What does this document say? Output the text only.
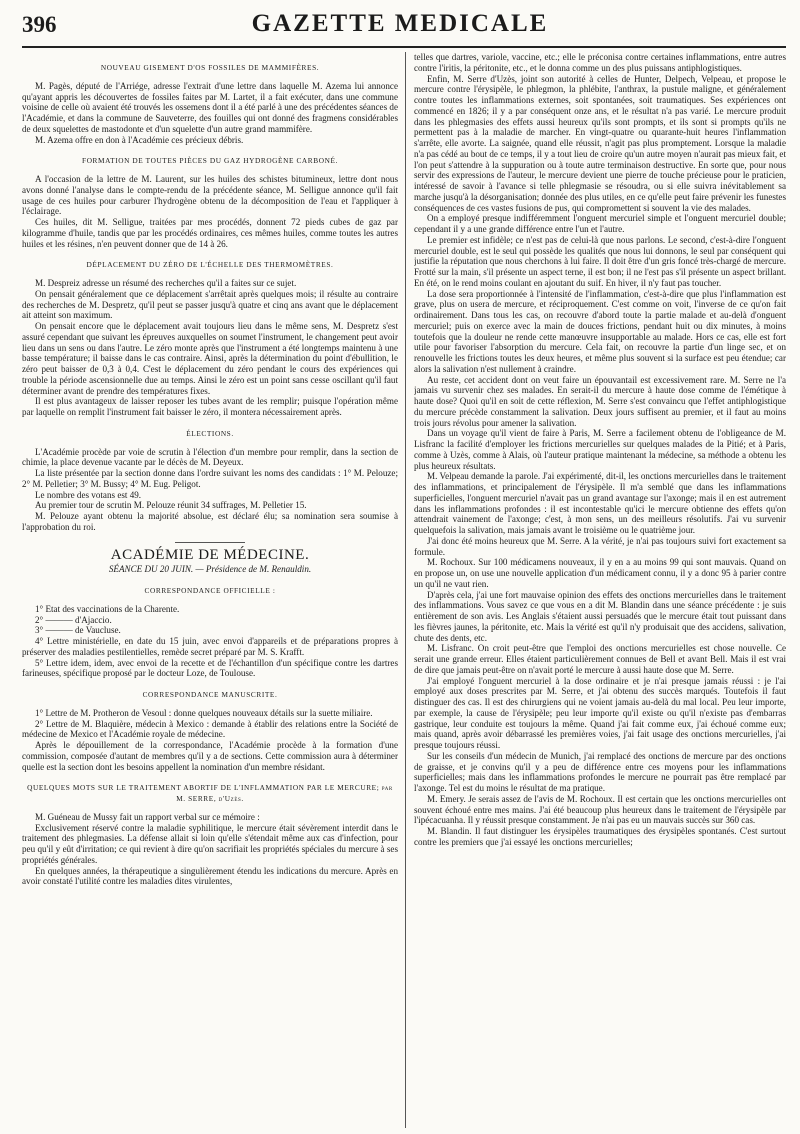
396	GAZETTE MEDICALE

NOUVEAU GISEMENT D'OS FOSSILES DE MAMMIFÈRES.

M. Pagès, député de l'Arriége, adresse l'extrait d'une lettre dans laquelle M. Azema lui annonce qu'ayant appris les découvertes de fossiles faites par M. Lartet, il a fait exécuter, dans une commune voisine de celle où avaient été trouvés les ossemens dont il a été parlé à une des précédentes séances de l'Académie, et dans la commune de Sauveterre, des fouilles qui ont donné des fragmens considérables de deux squelettes de mastodonte et d'un squelette d'un autre grand mammifère.

M. Azema offre en don à l'Académie ces précieux débris.

FORMATION DE TOUTES PIÈCES DU GAZ HYDROGÈNE CARBONÉ.

A l'occasion de la lettre de M. Laurent, sur les huiles des schistes bitumineux, lettre dont nous avons donné l'analyse dans le compte-rendu de la précédente séance, M. Selligue annonce qu'il fait usage de ces huiles pour carburer l'hydrogène obtenu de la décomposition de l'eau et l'appliquer à l'éclairage.

Ces huiles, dit M. Selligue, traitées par mes procédés, donnent 72 pieds cubes de gaz par kilogramme d'huile, tandis que par les procédés ordinaires, ces mêmes huiles, comme toutes les autres huiles et les résines, n'en peuvent donner que de 14 à 26.

DÉPLACEMENT DU ZÉRO DE L'ÉCHELLE DES THERMOMÈTRES.

M. Despreiz adresse un résumé des recherches qu'il a faites sur ce sujet.

On pensait généralement que ce déplacement s'arrêtait après quelques mois; il résulte au contraire des recherches de M. Despretz, qu'il peut se passer jusqu'à quatre et cinq ans avant que le déplacement ait atteint son maximum.

On pensait encore que le déplacement avait toujours lieu dans le même sens, M. Despretz s'est assuré cependant que suivant les épreuves auxquelles on soumet l'instrument, le changement peut avoir lieu dans un sens ou dans l'autre. Le zéro monte après que l'instrument a été longtemps maintenu à une basse température; il baisse dans le cas contraire. Ainsi, après la détermination du point d'ébullition, le zéro peut baisser de 0,3 à 0,4. C'est le déplacement du zéro pendant le cours des expériences qui trouble la période ascensionnelle due au temps. Ainsi le zéro est un point sans cesse oscillant qu'il faut déterminer avant de prendre des températures fixes.

Il est plus avantageux de laisser reposer les tubes avant de les remplir; puisque l'opération même par laquelle on remplit l'instrument fait baisser le zéro, il montera nécessairement après.

ÉLECTIONS.

L'Académie procède par voie de scrutin à l'élection d'un membre pour remplir, dans la section de chimie, la place devenue vacante par le décès de M. Deyeux.

La liste présentée par la section donne dans l'ordre suivant les noms des candidats : 1° M. Pelouze; 2° M. Pelletier; 3° M. Bussy; 4° M. Eug. Peligot.

Le nombre des votans est 49.

Au premier tour de scrutin M. Pelouze réunit 34 suffrages, M. Pelletier 15.

M. Pelouze ayant obtenu la majorité absolue, est déclaré élu; sa nomination sera soumise à l'approbation du roi.

ACADÉMIE DE MÉDECINE.

SÉANCE DU 20 JUIN. — Présidence de M. Renauldin.

CORRESPONDANCE OFFICIELLE :

1° Etat des vaccinations de la Charente.

2° ——— d'Ajaccio.

3° ——— de Vaucluse.

4° Lettre ministérielle, en date du 15 juin, avec envoi d'appareils et de préparations propres à préserver des maladies pestilentielles, remède secret préparé par M. S. Krafft.

5° Lettre idem, idem, avec envoi de la recette et de l'échantillon d'un spécifique contre les dartres farineuses, spécifique proposé par le docteur Loze, de Toulouse.

CORRESPONDANCE MANUSCRITE.

1° Lettre de M. Protheron de Vesoul : donne quelques nouveaux détails sur la suette miliaire.

2° Lettre de M. Blaquière, médecin à Mexico : demande à établir des relations entre la Société de médecine de Mexico et l'Académie royale de médecine.

Après le dépouillement de la correspondance, l'Académie procède à la formation d'une commission, composée d'autant de membres qu'il y a de sections. Cette commission aura à déterminer quelle est la section dont les besoins appellent la nomination d'un membre résidant.

QUELQUES MOTS SUR LE TRAITEMENT ABORTIF DE L'INFLAMMATION PAR LE MERCURE; par M. SERRE, d'Uzès.

M. Guéneau de Mussy fait un rapport verbal sur ce mémoire :

Exclusivement réservé contre la maladie syphilitique, le mercure était sévèrement interdit dans le traitement des phlegmasies. La défense allait si loin qu'elle s'étendait même aux cas d'infection, pour peu qu'il y eût d'irritation; ce qui revient à dire qu'on sacrifiait les propriétés spéciales du mercure à ses propriétés générales.

En quelques années, la thérapeutique a singulièrement étendu les indications du mercure. Après en avoir constaté l'utilité contre les maladies dites virulentes,

telles que dartres, variole, vaccine, etc.; elle le préconisa contre certaines inflammations, entre autres contre l'iritis, la péritonite, etc., et le donna comme un des plus puissans antiphlogistiques.

Enfin, M. Serre d'Uzès, joint son autorité à celles de Hunter, Delpech, Velpeau, et propose le mercure contre l'érysipèle, le phlegmon, la phlébite, l'anthrax, la pustule maligne, et généralement contre toutes les inflammations externes, soit spontanées, soit traumatiques. Ses expériences ont commencé en 1826; il y a par conséquent onze ans, et le résultat n'a pas varié. Le mercure produit dans les phlegmasies des effets aussi heureux qu'ils sont prompts, et ils sont si prompts qu'ils ne permettent pas à la maladie de marcher. En vingt-quatre ou quarante-huit heures l'inflammation s'arrête, elle avorte. La saignée, quand elle réussit, n'agit pas plus promptement. Lorsque la maladie n'a pas cédé au bout de ce temps, il y a tout lieu de croire qu'un autre moyen n'aurait pas mieux fait, et l'on peut s'attendre à la suppuration ou à toute autre terminaison destructive. En sorte que, pour nous servir des expressions de l'auteur, le mercure devient une pierre de touche précieuse pour le praticien, intéressé de savoir à l'avance si telle phlegmasie se résoudra, ou si elle suivra inévitablement sa marche jusqu'à la désorganisation; donnée des plus utiles, en ce qu'elle peut faire prévenir les funestes conséquences de ces vastes fusions de pus, qui compromettent si souvent la vie des malades.

On a employé presque indifféremment l'onguent mercuriel simple et l'onguent mercuriel double; cependant il y a une grande différence entre l'un et l'autre.

Le premier est infidèle; ce n'est pas de celui-là que nous parlons. Le second, c'est-à-dire l'onguent mercuriel double, est le seul qui possède les qualités que nous lui donnons, le seul par conséquent qui justifie la réputation que nous cherchons à lui faire. Il doit être d'un gris foncé très-chargé de mercure. Frotté sur la main, s'il présente un aspect terne, il est bon; il ne l'est pas s'il présente un aspect brillant. En été, on le rend moins coulant en ajoutant du suif. En hiver, il n'y faut pas toucher.

La dose sera proportionnée à l'intensité de l'inflammation, c'est-à-dire que plus l'inflammation est grave, plus on usera de mercure, et réciproquement. C'est comme on voit, l'inverse de ce qu'on fait ordinairement. Dans tous les cas, on recouvre d'abord toute la partie malade et au-delà d'onguent mercuriel; puis on exerce avec la main de douces frictions, pendant huit ou dix minutes, à moins toutefois que la douleur ne rende cette manœuvre insupportable au malade. Hors ce cas, elle est fort utile pour favoriser l'absorption du mercure. Cela fait, on recouvre la partie d'un linge sec, et on renouvelle les frictions toutes les deux heures, et même plus souvent si la surface est peu étendue; car alors la salivation n'est nullement à craindre.

Au reste, cet accident dont on veut faire un épouvantail est excessivement rare. M. Serre ne l'a jamais vu survenir chez ses malades. En serait-il du mercure à haute dose comme de l'émétique à haute dose? Quoi qu'il en soit de cette réflexion, M. Serre s'est convaincu que l'effet antiphlogistique du mercure précède constamment la salivation. Deux jours suffisent au premier, et il faut au moins trois jours révolus pour amener la salivation.

Dans un voyage qu'il vient de faire à Paris, M. Serre a facilement obtenu de l'obligeance de M. Lisfranc la facilité d'employer les frictions mercurielles sur quelques malades de la Pitié; et à Paris, comme à Uzès, comme à Alais, où l'auteur pratique maintenant la médecine, sa méthode a obtenu les plus heureux résultats.

M. Velpeau demande la parole. J'ai expérimenté, dit-il, les onctions mercurielles dans le traitement des inflammations, et principalement de l'érysipèle. Il m'a semblé que dans les inflammations superficielles, l'onguent mercuriel n'avait pas un grand avantage sur l'axonge; mais il en est autrement dans les inflammations profondes : il est incontestable qu'ici le mercure obtienne des effets qu'on attendrait vainement de l'axonge; c'est, à mon sens, un des meilleurs résolutifs. J'ai vu survenir quelquefois la salivation, mais jamais avant le troisième ou le quatrième jour.

J'ai donc été moins heureux que M. Serre. A la vérité, je n'ai pas toujours suivi fort exactement sa formule.

M. Rochoux. Sur 100 médicamens nouveaux, il y en a au moins 99 qui sont mauvais. Quand on en propose un, on use une nouvelle application d'un médicament connu, il y a donc 95 à parier contre un qu'il ne vaut rien.

D'après cela, j'ai une fort mauvaise opinion des effets des onctions mercurielles dans le traitement des inflammations. Vous savez ce que vous en a dit M. Blandin dans une séance précédente : je suis entièrement de son avis. Les Anglais s'étaient aussi persuadés que le mercure était tout puissant dans les fièvres jaunes, la péritonite, etc. Mais la vérité est qu'il n'y produisait que des accidens, salivation, chute des dents, etc.

M. Lisfranc. On croit peut-être que l'emploi des onctions mercurielles est chose nouvelle. Ce serait une grande erreur. Elles étaient particulièrement connues de Bell et avant Bell. Mais il est vrai de dire que jamais peut-être on n'avait porté le mercure à aussi haute dose que M. Serre.

J'ai employé l'onguent mercuriel à la dose ordinaire et je n'ai presque jamais réussi : je l'ai employé aux doses prescrites par M. Serre, et j'ai obtenu des succès marqués. Toutefois il faut distinguer des cas. Il est des chirurgiens qui ne voient jamais au-delà du mal local. Peu leur importe, par exemple, la cause de l'érysipèle; peu leur importe qu'il existe ou qu'il n'existe pas d'embarras gastrique, leur conduite est toujours la même. Quand j'ai fait comme eux, j'ai échoué comme eux; mais quand, après avoir débarrassé les premières voies, j'ai fait usage des onctions mercurielles, j'ai presque toujours réussi.

Sur les conseils d'un médecin de Munich, j'ai remplacé des onctions de mercure par des onctions de graisse, et je convins qu'il y a peu de différence entre ces moyens pour les inflammations superficielles; mais dans les inflammations profondes le mercure ne pourrait pas être remplacé par l'axonge. Tel est du moins le résultat de ma pratique.

M. Emery. Je serais assez de l'avis de M. Rochoux. Il est certain que les onctions mercurielles ont souvent échoué entre mes mains. J'ai été beaucoup plus heureux dans le traitement de l'érysipèle par l'ipécacuanha. Il y réussit presque constamment. Je n'ai pas eu un mauvais succès sur 360 cas.

M. Blandin. Il faut distinguer les érysipèles traumatiques des érysipèles spontanés. C'est surtout contre les premiers que j'ai essayé les onctions mercurielles;
